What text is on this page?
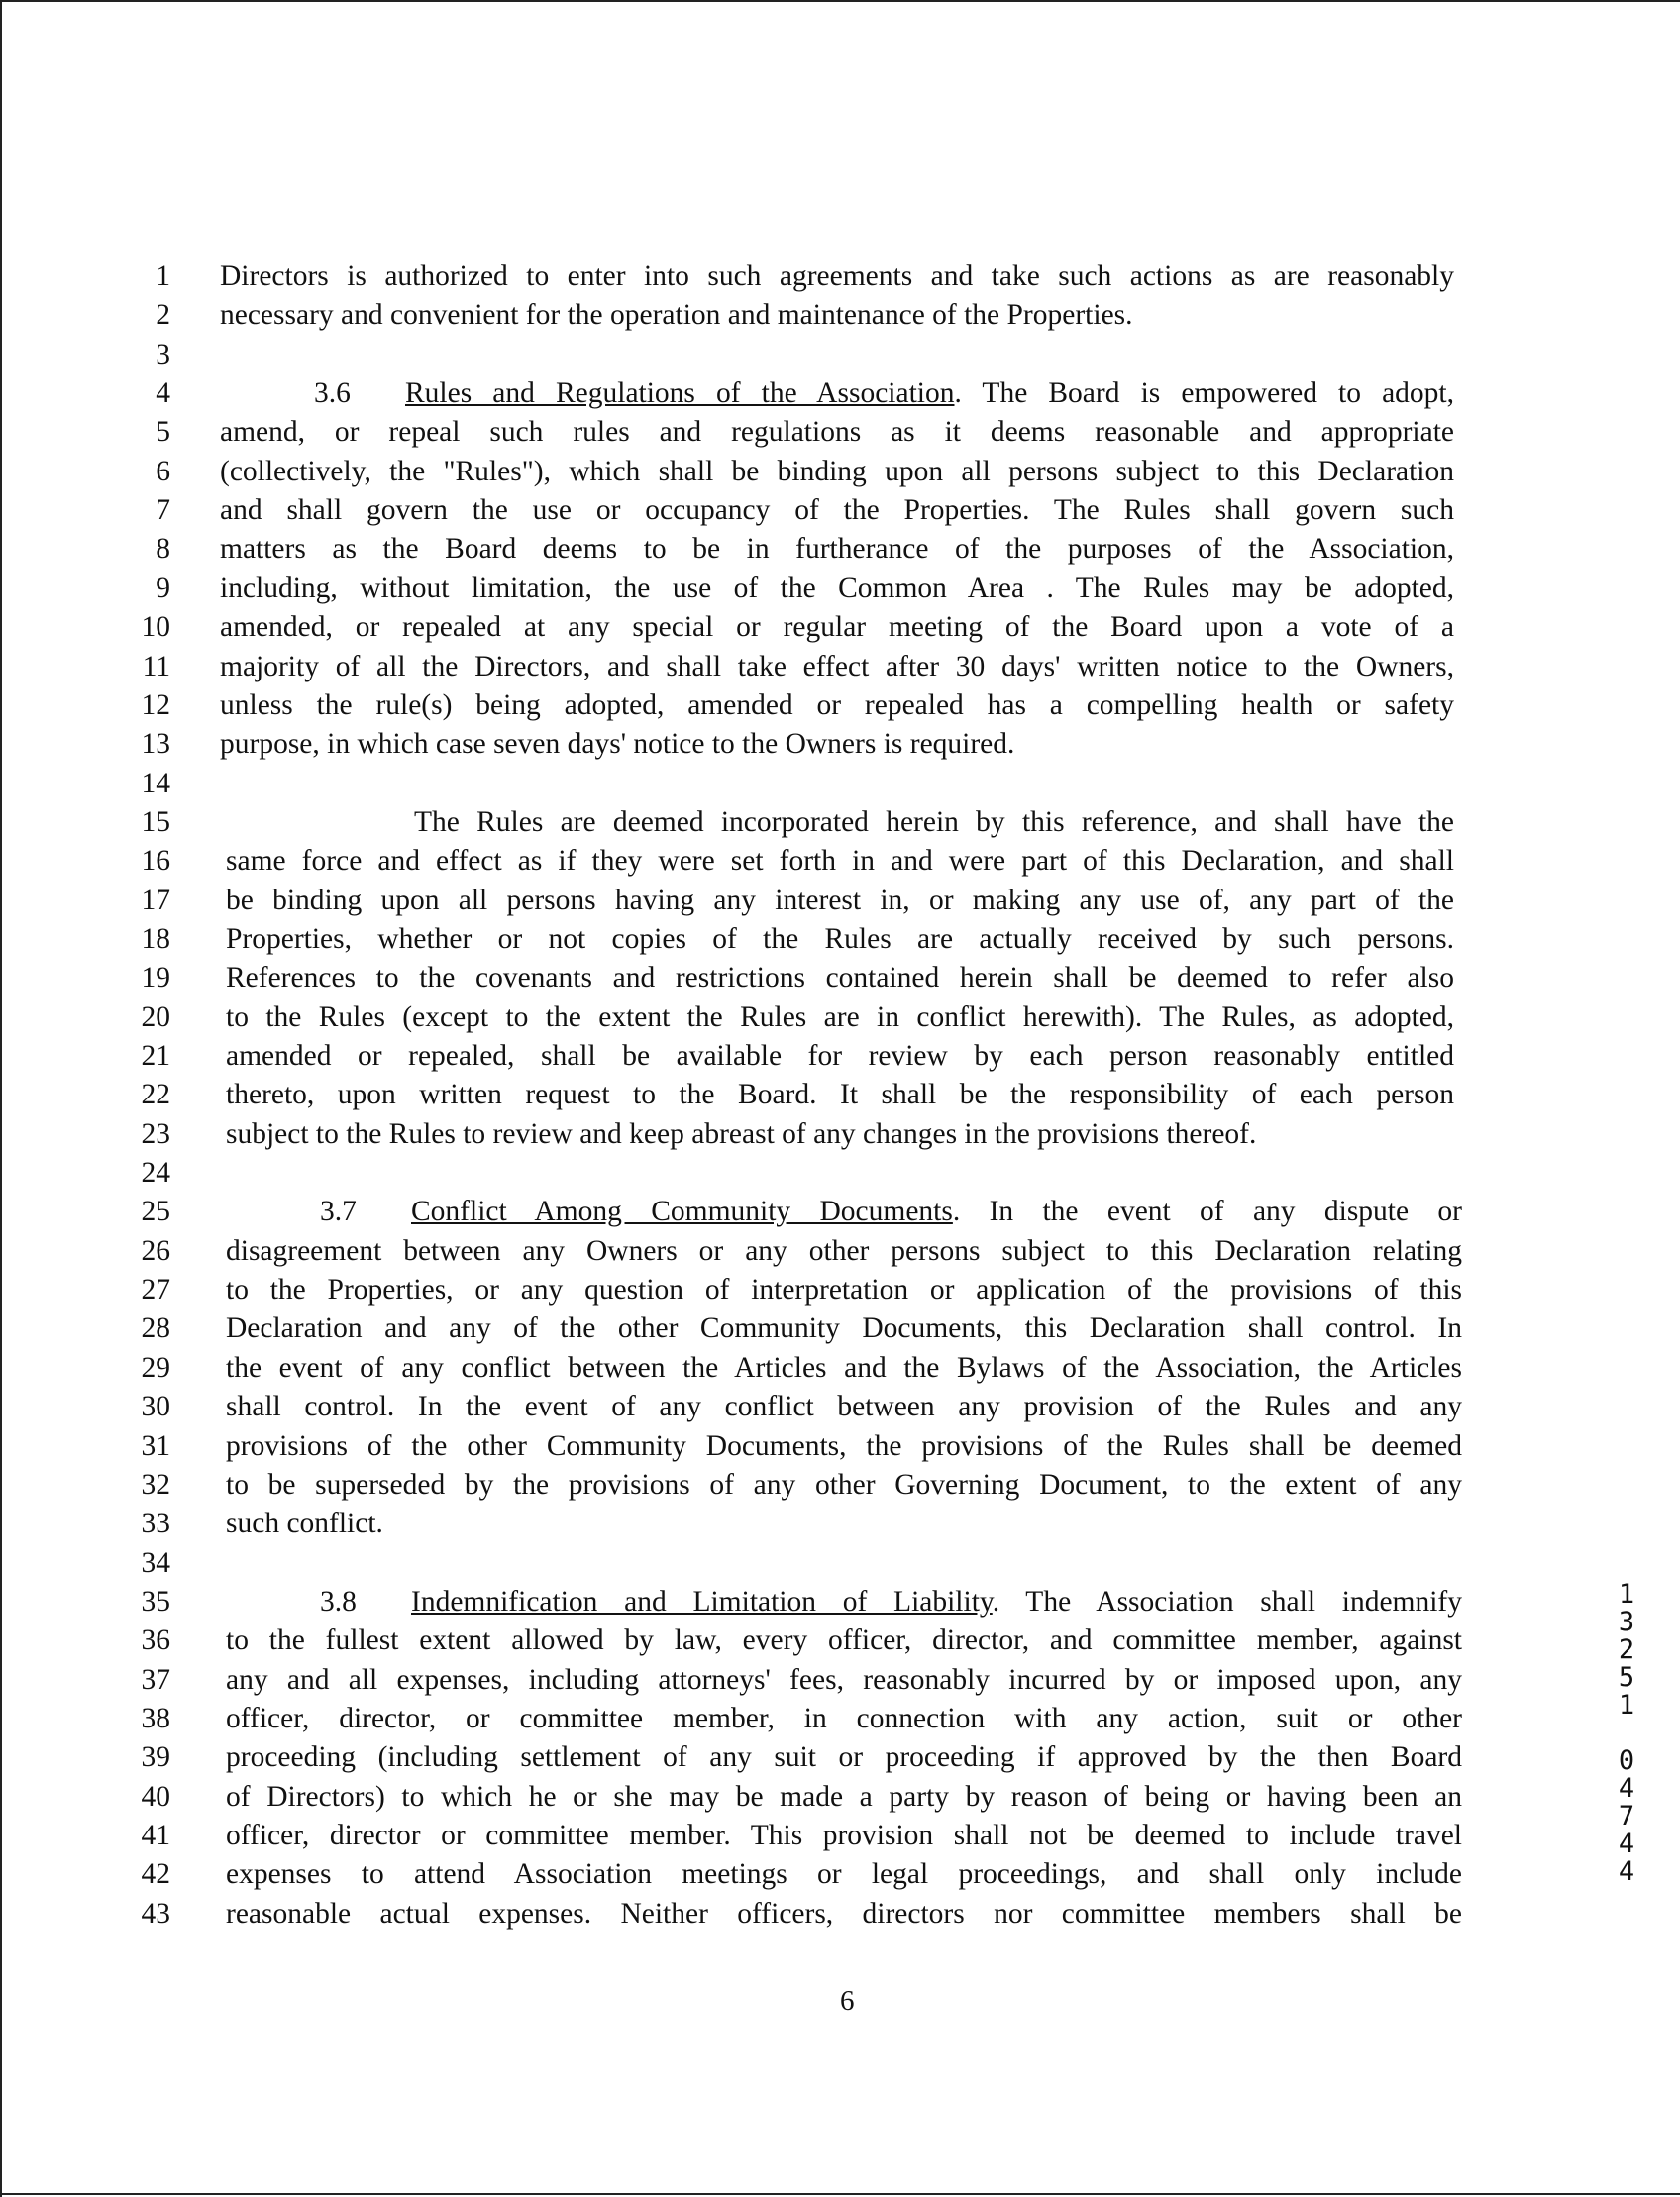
1 Directors is authorized to enter into such agreements and take such actions as are reasonably
2 necessary and convenient for the operation and maintenance of the Properties.
3
4	3.6 Rules and Regulations of the Association. The Board is empowered to adopt,
5 amend, or repeal such rules and regulations as it deems reasonable and appropriate
6 (collectively, the "Rules"), which shall be binding upon all persons subject to this Declaration
7 and shall govern the use or occupancy of the Properties. The Rules shall govern such
8 matters as the Board deems to be in furtherance of the purposes of the Association,
9 including, without limitation, the use of the Common Area . The Rules may be adopted,
10 amended, or repealed at any special or regular meeting of the Board upon a vote of a
11 majority of all the Directors, and shall take effect after 30 days' written notice to the Owners,
12 unless the rule(s) being adopted, amended or repealed has a compelling health or safety
13 purpose, in which case seven days' notice to the Owners is required.
14
15	The Rules are deemed incorporated herein by this reference, and shall have the
16 same force and effect as if they were set forth in and were part of this Declaration, and shall
17 be binding upon all persons having any interest in, or making any use of, any part of the
18 Properties, whether or not copies of the Rules are actually received by such persons.
19 References to the covenants and restrictions contained herein shall be deemed to refer also
20 to the Rules (except to the extent the Rules are in conflict herewith). The Rules, as adopted,
21 amended or repealed, shall be available for review by each person reasonably entitled
22 thereto, upon written request to the Board. It shall be the responsibility of each person
23 subject to the Rules to review and keep abreast of any changes in the provisions thereof.
24
25	3.7 Conflict Among Community Documents. In the event of any dispute or
26 disagreement between any Owners or any other persons subject to this Declaration relating
27 to the Properties, or any question of interpretation or application of the provisions of this
28 Declaration and any of the other Community Documents, this Declaration shall control. In
29 the event of any conflict between the Articles and the Bylaws of the Association, the Articles
30 shall control. In the event of any conflict between any provision of the Rules and any
31 provisions of the other Community Documents, the provisions of the Rules shall be deemed
32 to be superseded by the provisions of any other Governing Document, to the extent of any
33 such conflict.
34
35	3.8 Indemnification and Limitation of Liability. The Association shall indemnify
36 to the fullest extent allowed by law, every officer, director, and committee member, against
37 any and all expenses, including attorneys' fees, reasonably incurred by or imposed upon, any
38 officer, director, or committee member, in connection with any action, suit or other
39 proceeding (including settlement of any suit or proceeding if approved by the then Board
40 of Directors) to which he or she may be made a party by reason of being or having been an
41 officer, director or committee member. This provision shall not be deemed to include travel
42 expenses to attend Association meetings or legal proceedings, and shall only include
43 reasonable actual expenses. Neither officers, directors nor committee members shall be
6
1
3
2
5
1
0
4
7
4
4
